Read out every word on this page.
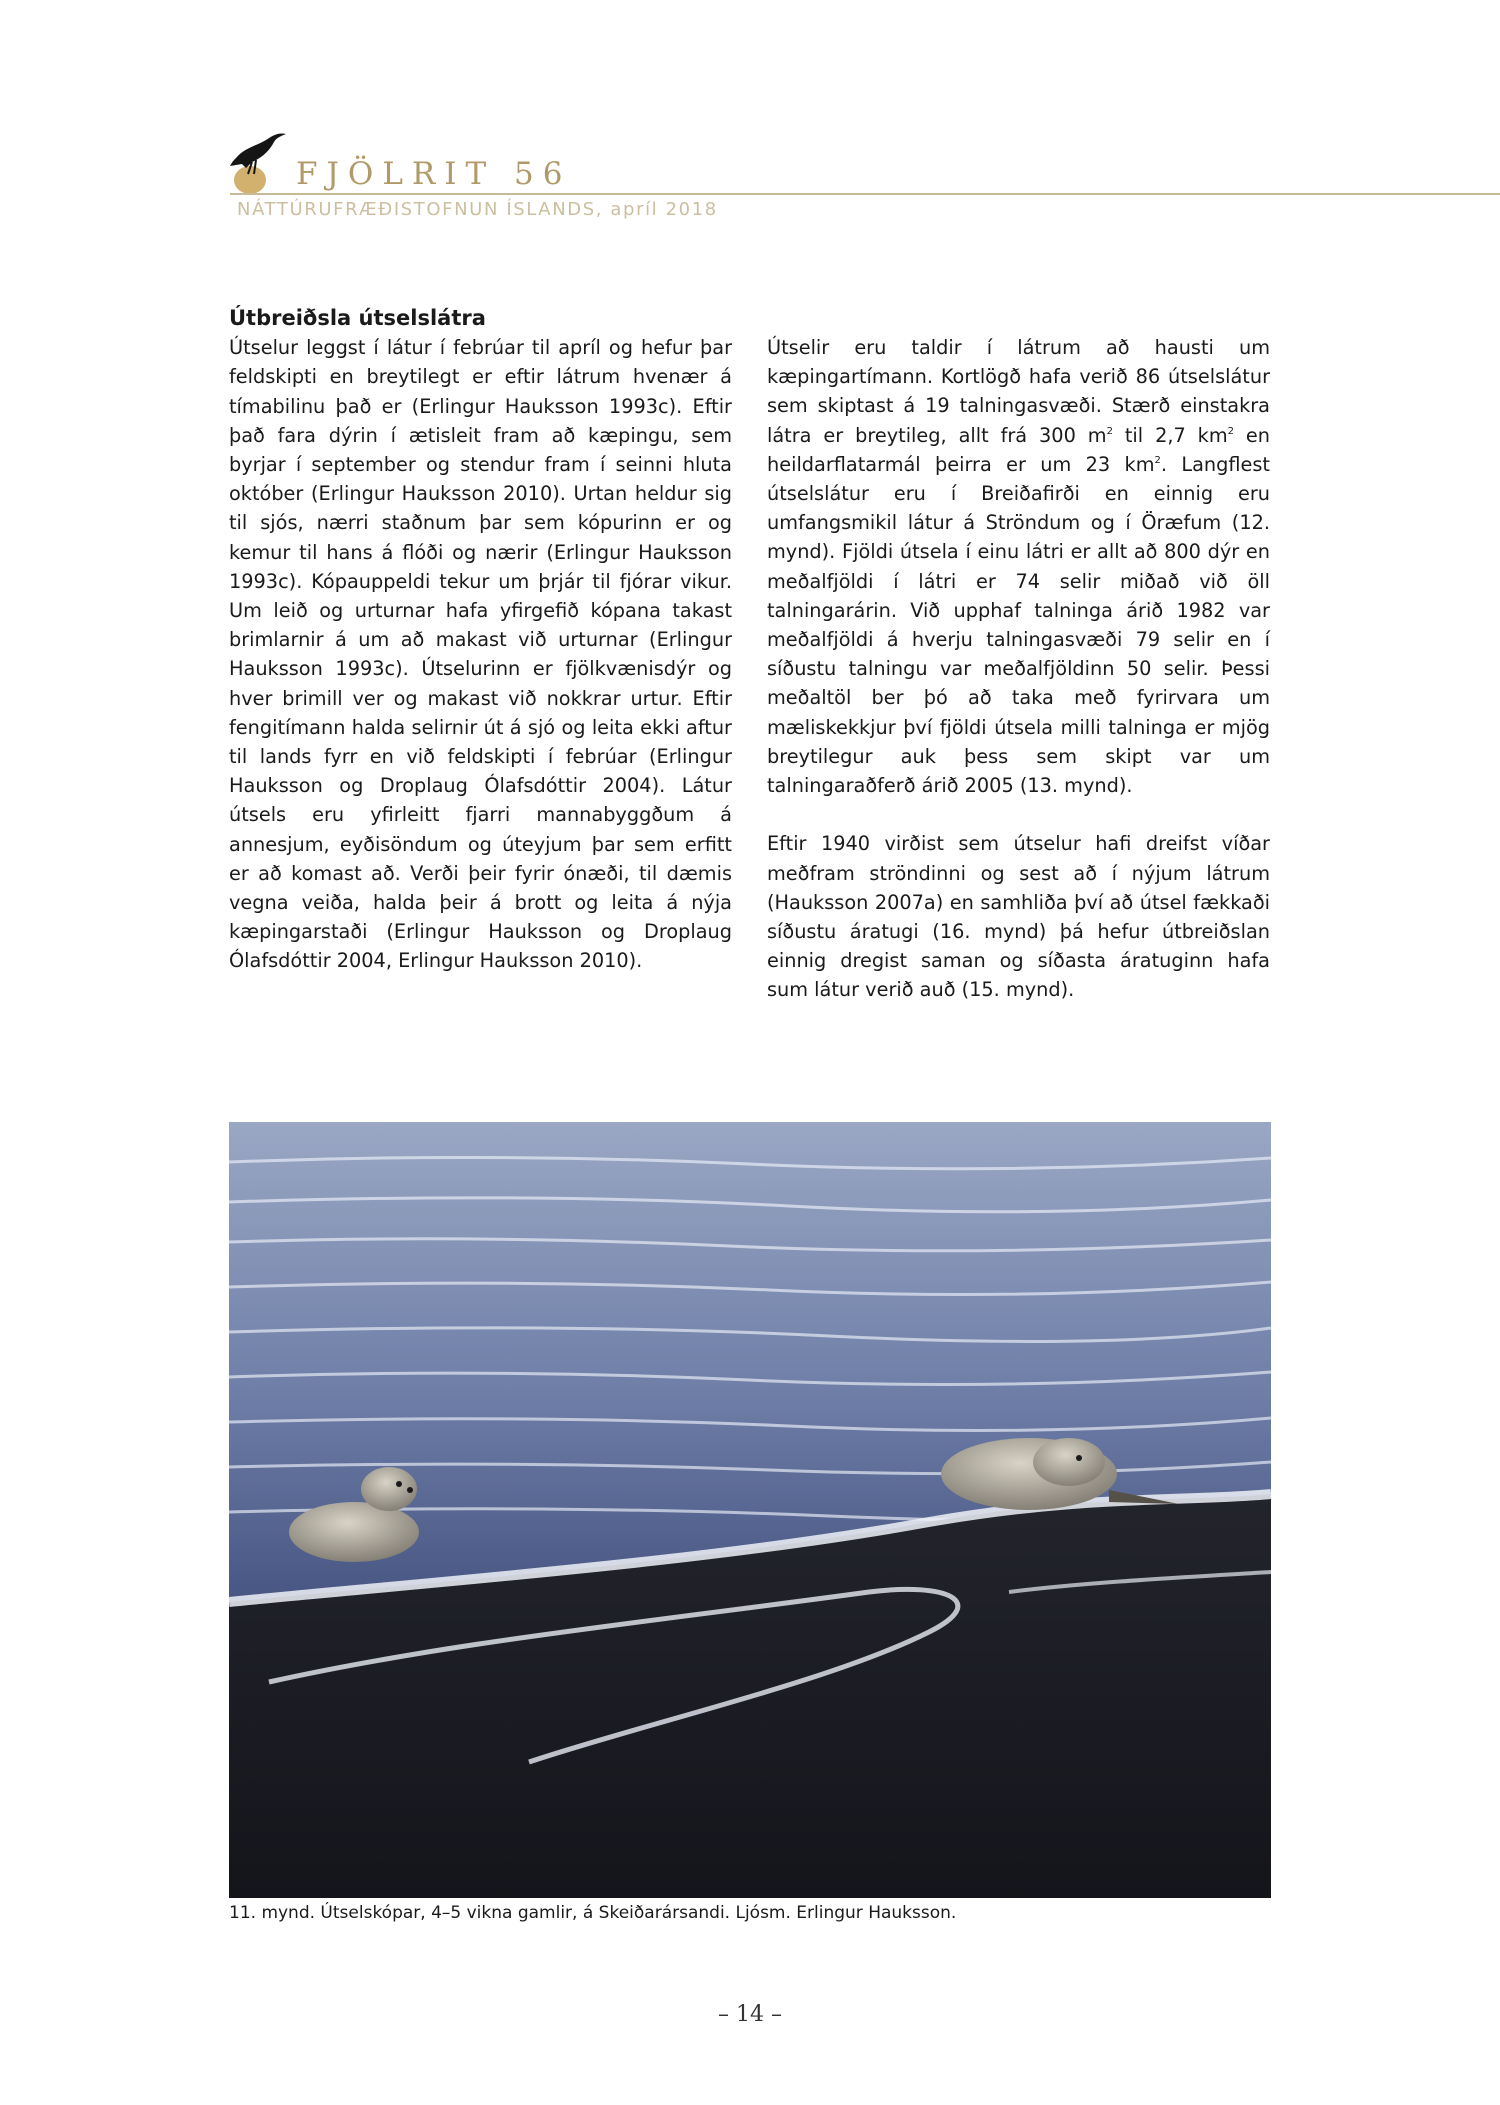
FJÖLRIT 56
NÁTTÚRUFRÆÐISTOFNUN ÍSLANDS, apríl 2018
Útbreiðsla útselslátra

Útselur leggst í látur í febrúar til apríl og hefur þar feldskipti en breytilegt er eftir látrum hvenær á tímabilinu það er (Erlingur Hauksson 1993c). Eftir það fara dýrin í ætisleit fram að kæpingu, sem byrjar í september og stendur fram í seinni hluta október (Erlingur Hauksson 2010). Urtan heldur sig til sjós, nærri staðnum þar sem kópurinn er og kemur til hans á flóði og nærir (Erlingur Hauksson 1993c). Kópauppeldi tekur um þrjár til fjórar vikur. Um leið og urturnar hafa yfirgefið kópana takast brimlarnir á um að makast við urturnar (Erlingur Hauksson 1993c). Útselurinn er fjölkvænisdýr og hver brimill ver og makast við nokkrar urtur. Eftir fengitímann halda selirnir út á sjó og leita ekki aftur til lands fyrr en við feldskipti í febrúar (Erlingur Hauksson og Droplaug Ólafsdóttir 2004). Látur útsels eru yfirleitt fjarri mannabyggðum á annesjum, eyðisöndum og úteyjum þar sem erfitt er að komast að. Verði þeir fyrir ónæði, til dæmis vegna veiða, halda þeir á brott og leita á nýja kæpingarstaði (Erlingur Hauksson og Droplaug Ólafsdóttir 2004, Erlingur Hauksson 2010).

Útselir eru taldir í látrum að hausti um kæpingartímann. Kortlögð hafa verið 86 útselslátur sem skiptast á 19 talningasvæði. Stærð einstakra látra er breytileg, allt frá 300 $m^2$ til 2,7 $km^2$ en heildarflatarmál þeirra er um 23 $km^2$. Langflest útselslátur eru í Breiðafirði en einnig eru umfangsmikil látur á Ströndum og í Öræfum (12. mynd). Fjöldi útsela í einu látri er allt að 800 dýr en meðalfjöldi í látri er 74 selir miðað við öll talningarárin. Við upphaf talninga árið 1982 var meðalfjöldi á hverju talningasvæði 79 selir en í síðustu talningu var meðalfjöldinn 50 selir. Þessi meðaltöl ber þó að taka með fyrirvara um mæliskekkjur því fjöldi útsela milli talninga er mjög breytilegur auk þess sem skipt var um talningaraðferð árið 2005 (13. mynd).

Eftir 1940 virðist sem útselur hafi dreifst víðar meðfram ströndinni og sest að í nýjum látrum (Hauksson 2007a) en samhliða því að útsel fækkaði síðustu áratugi (16. mynd) þá hefur útbreiðslan einnig dregist saman og síðasta áratuginn hafa sum látur verið auð (15. mynd).

11. mynd. Útselskópar, 4–5 vikna gamlir, á Skeiðarársandi. Ljósm. Erlingur Hauksson.
– 14 –
